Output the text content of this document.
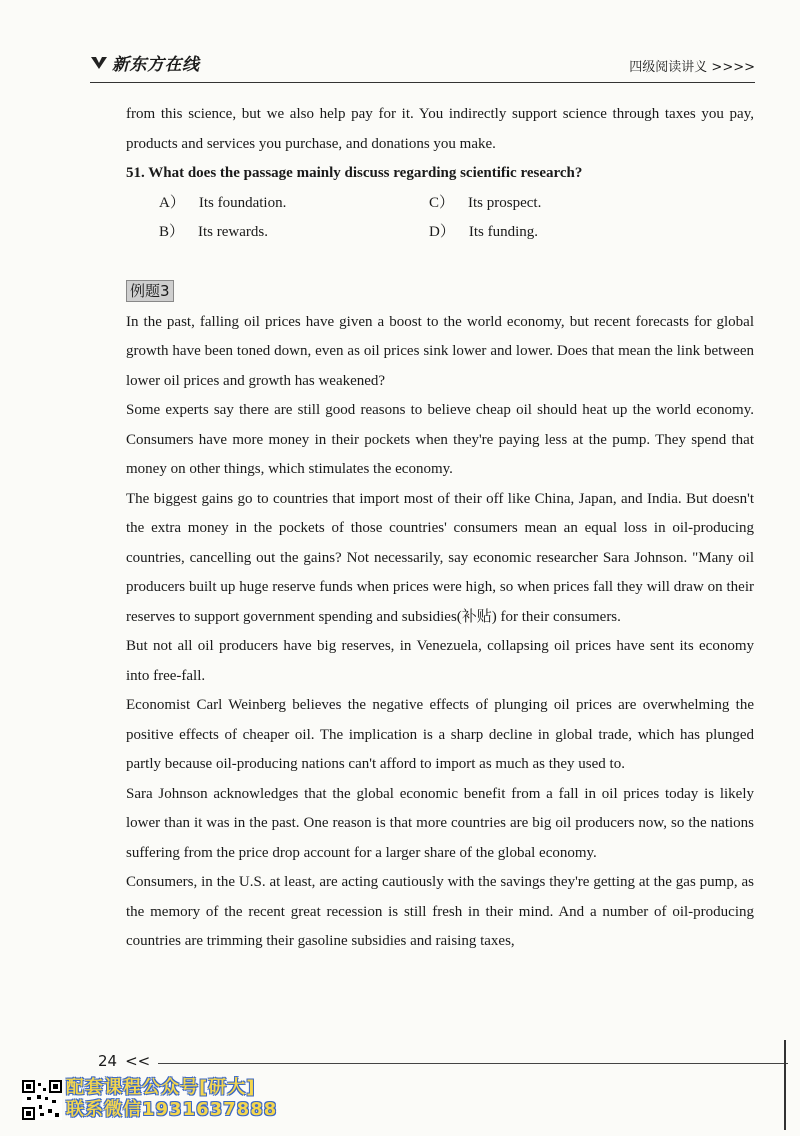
新东方在线	四级阅读讲义 >>>>

from this science, but we also help pay for it. You indirectly support science through taxes you pay, products and services you purchase, and donations you make.

51. What does the passage mainly discuss regarding scientific research?

A） Its foundation.	C） Its prospect.
B） Its rewards.	D） Its funding.
例题3

In the past, falling oil prices have given a boost to the world economy, but recent forecasts for global growth have been toned down, even as oil prices sink lower and lower. Does that mean the link between lower oil prices and growth has weakened?

Some experts say there are still good reasons to believe cheap oil should heat up the world economy. Consumers have more money in their pockets when they're paying less at the pump. They spend that money on other things, which stimulates the economy.

The biggest gains go to countries that import most of their off like China, Japan, and India. But doesn't the extra money in the pockets of those countries' consumers mean an equal loss in oil-producing countries, cancelling out the gains? Not necessarily, say economic researcher Sara Johnson. "Many oil producers built up huge reserve funds when prices were high, so when prices fall they will draw on their reserves to support government spending and subsidies(补贴) for their consumers.

But not all oil producers have big reserves, in Venezuela, collapsing oil prices have sent its economy into free-fall.

Economist Carl Weinberg believes the negative effects of plunging oil prices are overwhelming the positive effects of cheaper oil. The implication is a sharp decline in global trade, which has plunged partly because oil-producing nations can't afford to import as much as they used to.

Sara Johnson acknowledges that the global economic benefit from a fall in oil prices today is likely lower than it was in the past. One reason is that more countries are big oil producers now, so the nations suffering from the price drop account for a larger share of the global economy.

Consumers, in the U.S. at least, are acting cautiously with the savings they're getting at the gas pump, as the memory of the recent great recession is still fresh in their mind. And a number of oil-producing countries are trimming their gasoline subsidies and raising taxes,

24 <<
配套课程公众号[研大]
联系微信1931637888
